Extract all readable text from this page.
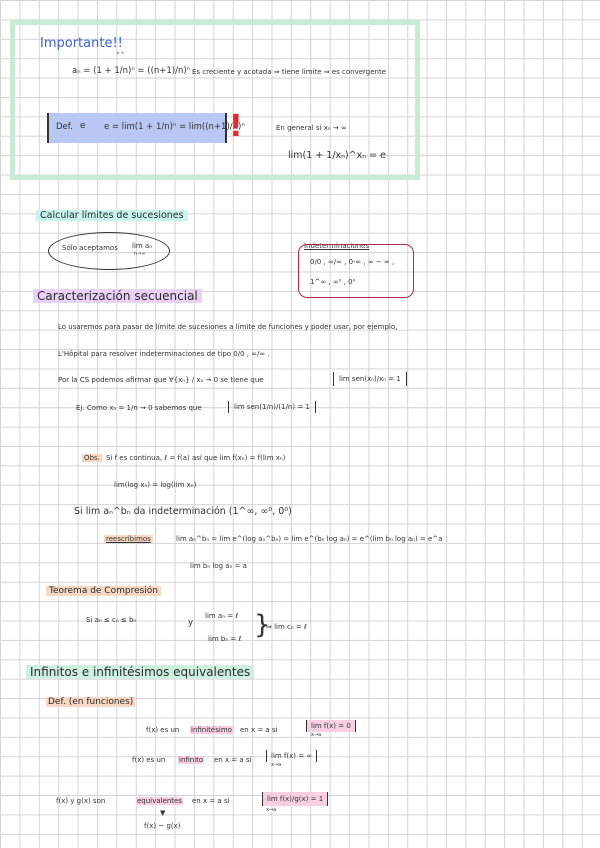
Importante!!
∘∘
aₙ = (1 + 1/n)ⁿ = ((n+1)/n)ⁿ Es creciente y acotada ⇒ tiene límite ⇒ es convergente
Def. e e = lim(1 + 1/n)ⁿ = lim((n+1)/n)ⁿ
!	En general si xₙ → ∞
lim(1 + 1/xₙ)^xₙ = e
Calcular límites de sucesiones
Sólo aceptamos lim aₙ
n→∞
Indeterminaciones
0/0 , ∞/∞ , 0·∞ , ∞ − ∞ ,
1^∞ , ∞⁰ , 0⁰
Caracterización secuencial
Lo usaremos para pasar de límite de sucesiones a límite de funciones y poder usar, por ejemplo,
L'Hôpital para resolver indeterminaciones de tipo 0/0 , ∞/∞ .
Por la CS podemos afirmar que ∀{xₙ} / xₙ → 0 se tiene que	lim sen(xₙ)/xₙ = 1
Ej. Como xₙ = 1/n → 0 sabemos que	lim sen(1/n)/(1/n) = 1
Obs. Si f es continua, ℓ = f(a) así que lim f(xₙ) = f(lim xₙ)
lim(log xₙ) = log(lim xₙ)
Si lim aₙ^bₙ da indeterminación (1^∞, ∞⁰, 0⁰)
reescribimos	lim aₙ^bₙ = lim e^(log aₙ^bₙ) = lim e^(bₙ log aₙ) = e^(lim bₙ log aₙ) = e^a
lim bₙ log aₙ = a
Teorema de Compresión
Si aₙ ≤ cₙ ≤ bₙ	y
lim aₙ = ℓ
lim bₙ = ℓ }
⇒ lim cₙ = ℓ
Infinitos e infinitésimos equivalentes
Def. (en funciones)
f(x) es un infinitésimo en x = a si	lim f(x) = 0
x→a
f(x) es un infinito en x = a si	lim f(x) = ∞
x→a
f(x) y g(x) son	equivalentes en x = a si	lim f(x)/g(x) = 1
x→a
▼
f(x) ~ g(x)
